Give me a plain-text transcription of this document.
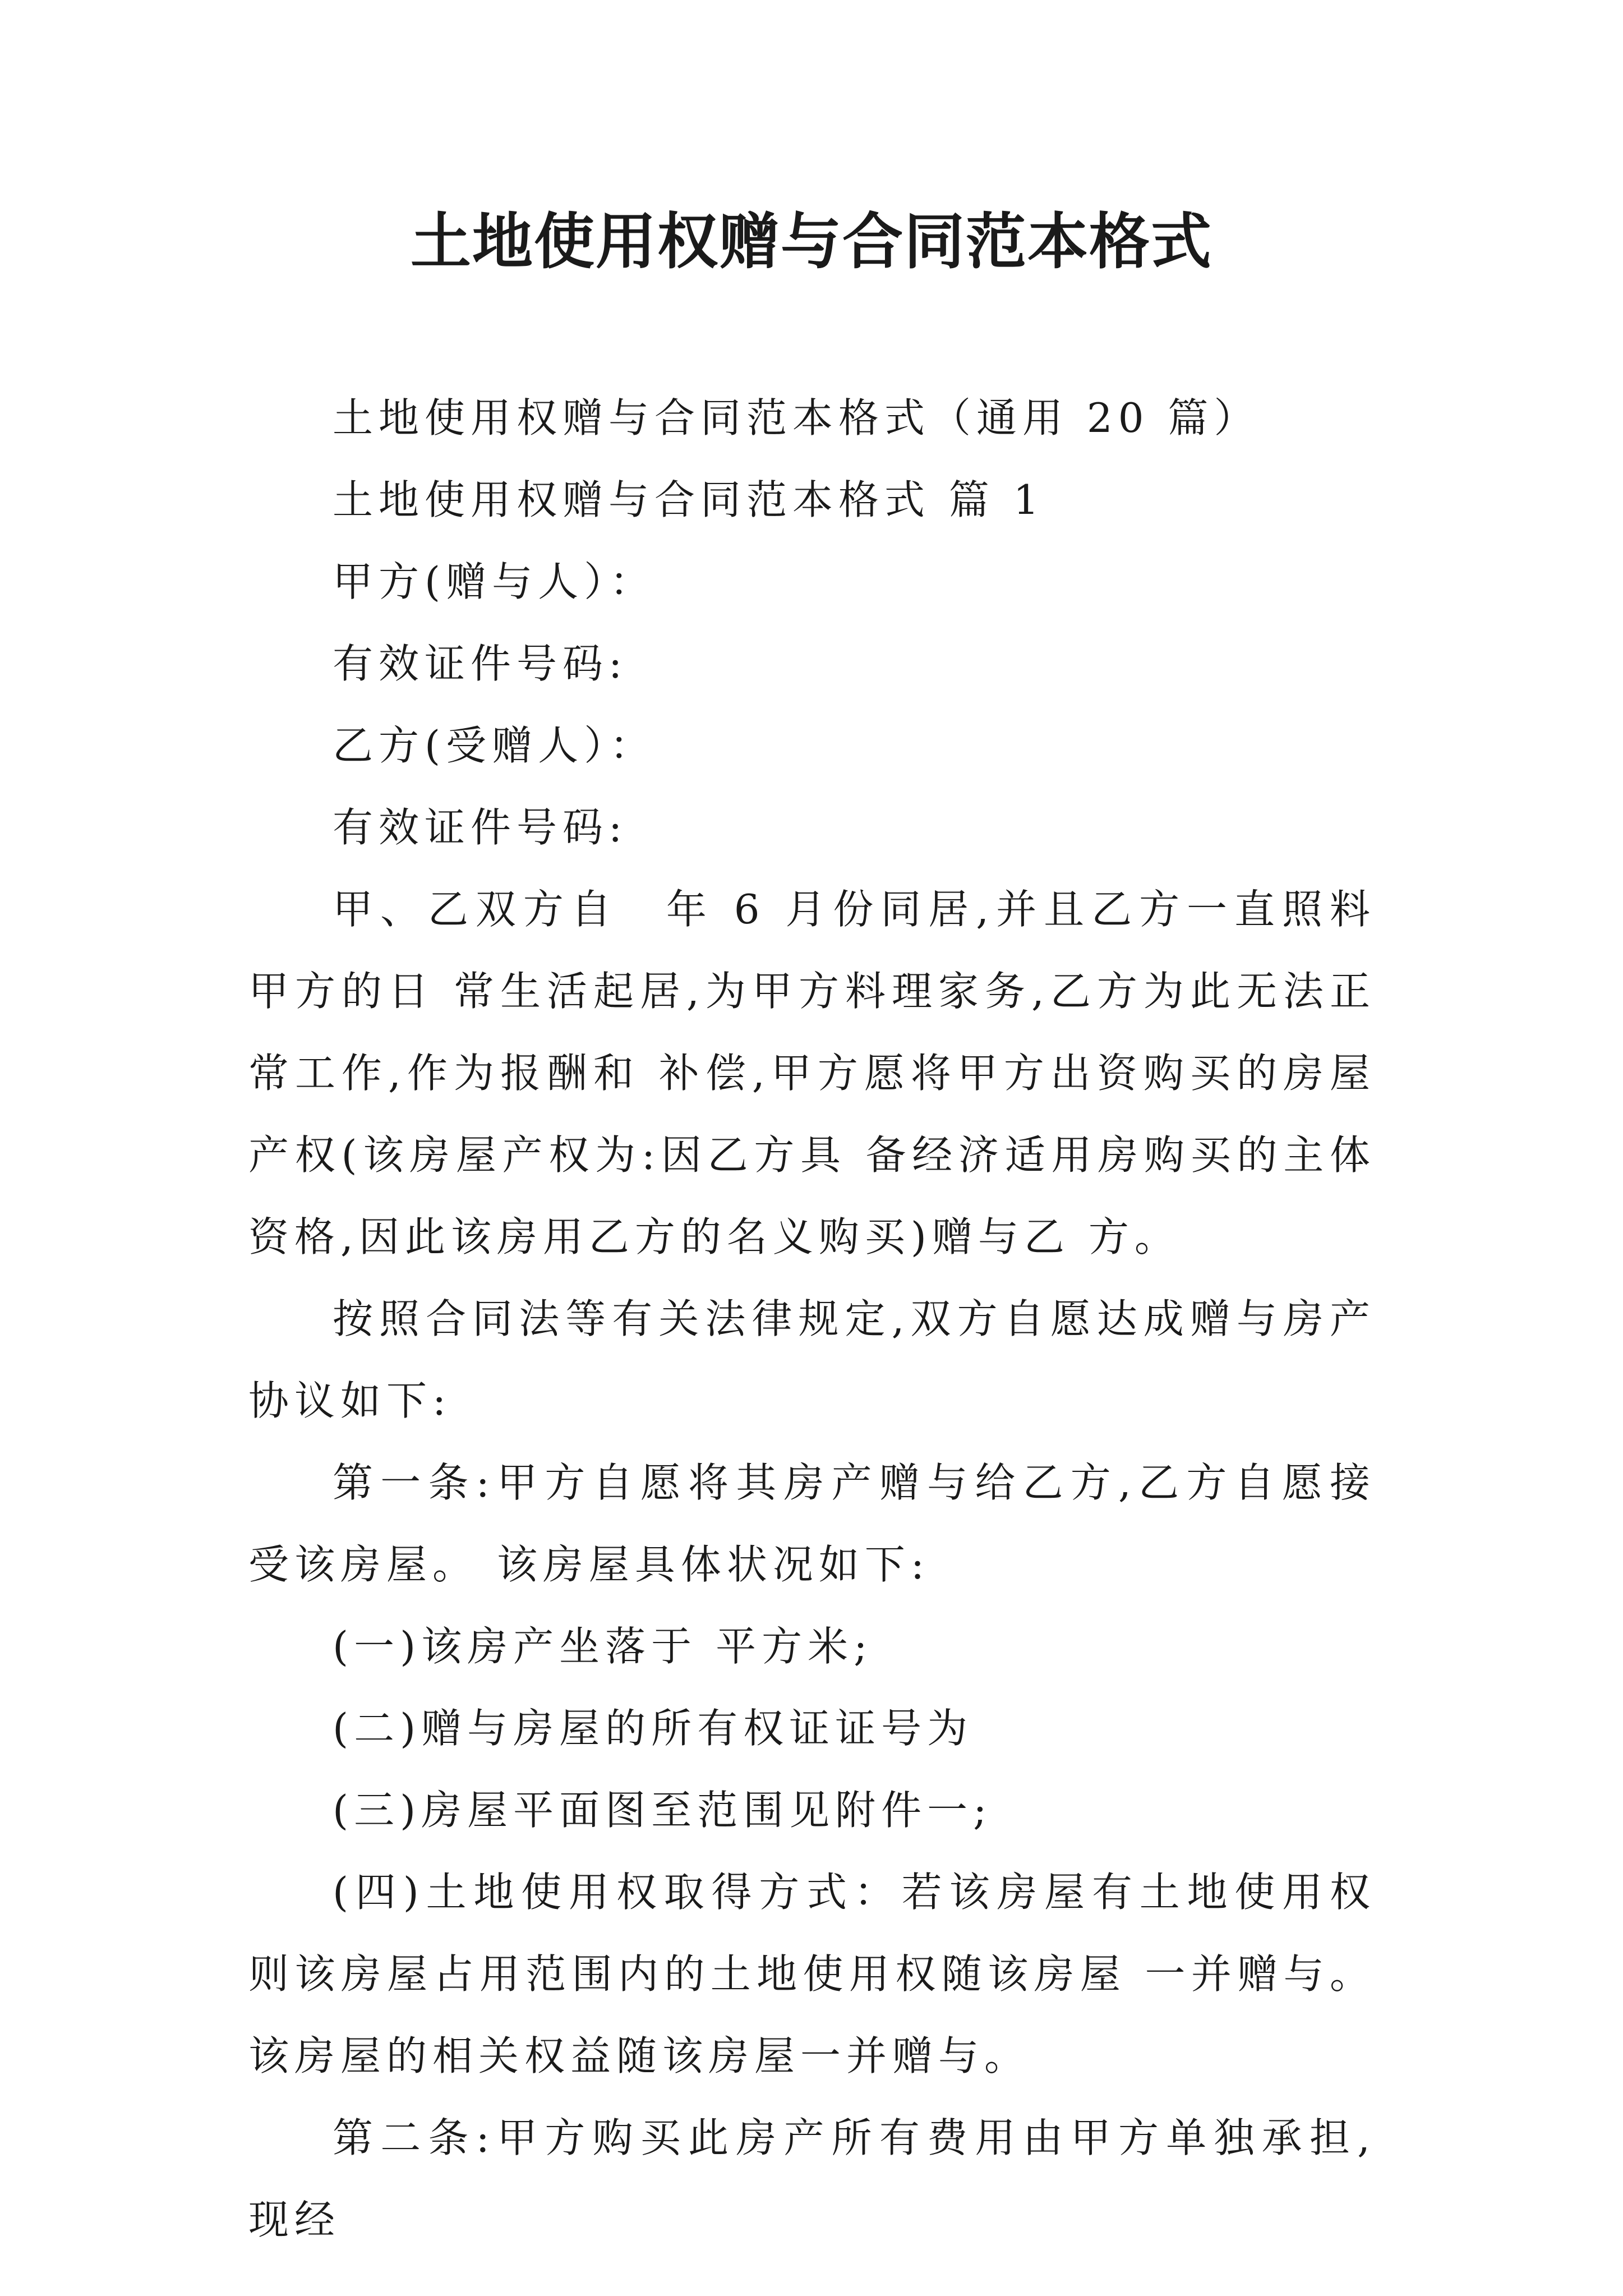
土地使用权赠与合同范本格式

土地使用权赠与合同范本格式（通用 20 篇）

土地使用权赠与合同范本格式 篇 1

甲方(赠与人）：

有效证件号码:

乙方(受赠人）：

有效证件号码:

甲、乙双方自　年 6 月份同居,并且乙方一直照料甲方的日 常生活起居,为甲方料理家务,乙方为此无法正常工作,作为报酬和 补偿,甲方愿将甲方出资购买的房屋产权(该房屋产权为:因乙方具 备经济适用房购买的主体资格,因此该房用乙方的名义购买)赠与乙 方。

按照合同法等有关法律规定,双方自愿达成赠与房产协议如下:

第一条:甲方自愿将其房产赠与给乙方,乙方自愿接受该房屋。 该房屋具体状况如下:

(一)该房产坐落于 平方米;

(二)赠与房屋的所有权证证号为

(三)房屋平面图至范围见附件一;

(四)土地使用权取得方式：若该房屋有土地使用权则该房屋占用范围内的土地使用权随该房屋 一并赠与。 该房屋的相关权益随该房屋一并赠与。

第二条:甲方购买此房产所有费用由甲方单独承担,现经
